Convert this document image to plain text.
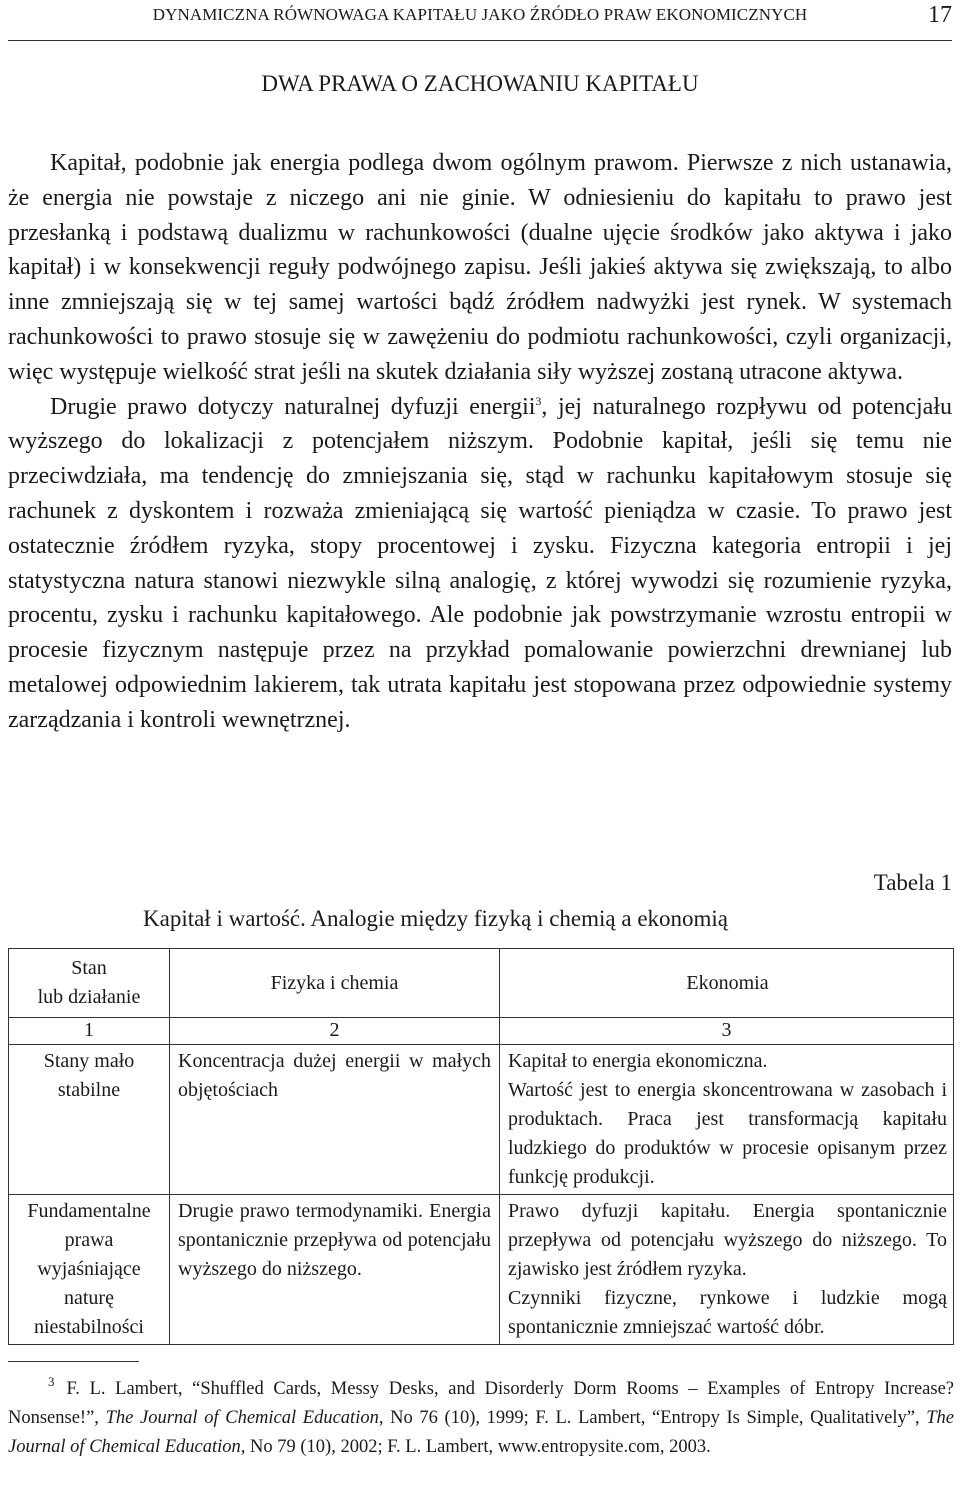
DYNAMICZNA RÓWNOWAGA KAPITAŁU JAKO ŹRÓDŁO PRAW EKONOMICZNYCH	17
DWA PRAWA O ZACHOWANIU KAPITAŁU

Kapitał, podobnie jak energia podlega dwom ogólnym prawom. Pierwsze z nich ustanawia, że energia nie powstaje z niczego ani nie ginie. W odniesieniu do kapitału to prawo jest przesłanką i podstawą dualizmu w rachunkowości (dualne ujęcie środków jako aktywa i jako kapitał) i w konsekwencji reguły podwójnego zapisu. Jeśli jakieś aktywa się zwiększają, to albo inne zmniejszają się w tej samej wartości bądź źródłem nadwyżki jest rynek. W systemach rachunkowości to prawo stosuje się w zawężeniu do podmiotu rachunkowości, czyli organizacji, więc występuje wielkość strat jeśli na skutek działania siły wyższej zostaną utracone aktywa.

Drugie prawo dotyczy naturalnej dyfuzji energii$^3$, jej naturalnego rozpływu od potencjału wyższego do lokalizacji z potencjałem niższym. Podobnie kapitał, jeśli się temu nie przeciwdziała, ma tendencję do zmniejszania się, stąd w rachunku kapitałowym stosuje się rachunek z dyskontem i rozważa zmieniającą się wartość pieniądza w czasie. To prawo jest ostatecznie źródłem ryzyka, stopy procentowej i zysku. Fizyczna kategoria entropii i jej statystyczna natura stanowi niezwykle silną analogię, z której wywodzi się rozumienie ryzyka, procentu, zysku i rachunku kapitałowego. Ale podobnie jak powstrzymanie wzrostu entropii w procesie fizycznym następuje przez na przykład pomalowanie powierzchni drewnianej lub metalowej odpowiednim lakierem, tak utrata kapitału jest stopowana przez odpowiednie systemy zarządzania i kontroli wewnętrznej.

Tabela 1
Kapitał i wartość. Analogie między fizyką i chemią a ekonomią
Stan
lub działanie	Fizyka i chemia	Ekonomia
1	2	3
Stany mało stabilne	Koncentracja dużej energii w małych objętościach	Kapitał to energia ekonomiczna.
Wartość jest to energia skoncentrowana w zasobach i produktach. Praca jest transformacją kapitału ludzkiego do produktów w procesie opisanym przez funkcję produkcji.

Fundamentalne prawa wyjaśniające naturę niestabilności	Drugie prawo termodynamiki. Energia spontanicznie przepływa od potencjału wyższego do niższego.	Prawo dyfuzji kapitału. Energia spontanicznie przepływa od potencjału wyższego do niższego. To zjawisko jest źródłem ryzyka.
Czynniki fizyczne, rynkowe i ludzkie mogą spontanicznie zmniejszać wartość dóbr.
$^3$ F. L. Lambert, “Shuffled Cards, Messy Desks, and Disorderly Dorm Rooms – Examples of Entropy Increase? Nonsense!”, The Journal of Chemical Education, No 76 (10), 1999; F. L. Lambert, “Entropy Is Simple, Qualitatively”, The Journal of Chemical Education, No 79 (10), 2002; F. L. Lambert, www.entropysite.com, 2003.
